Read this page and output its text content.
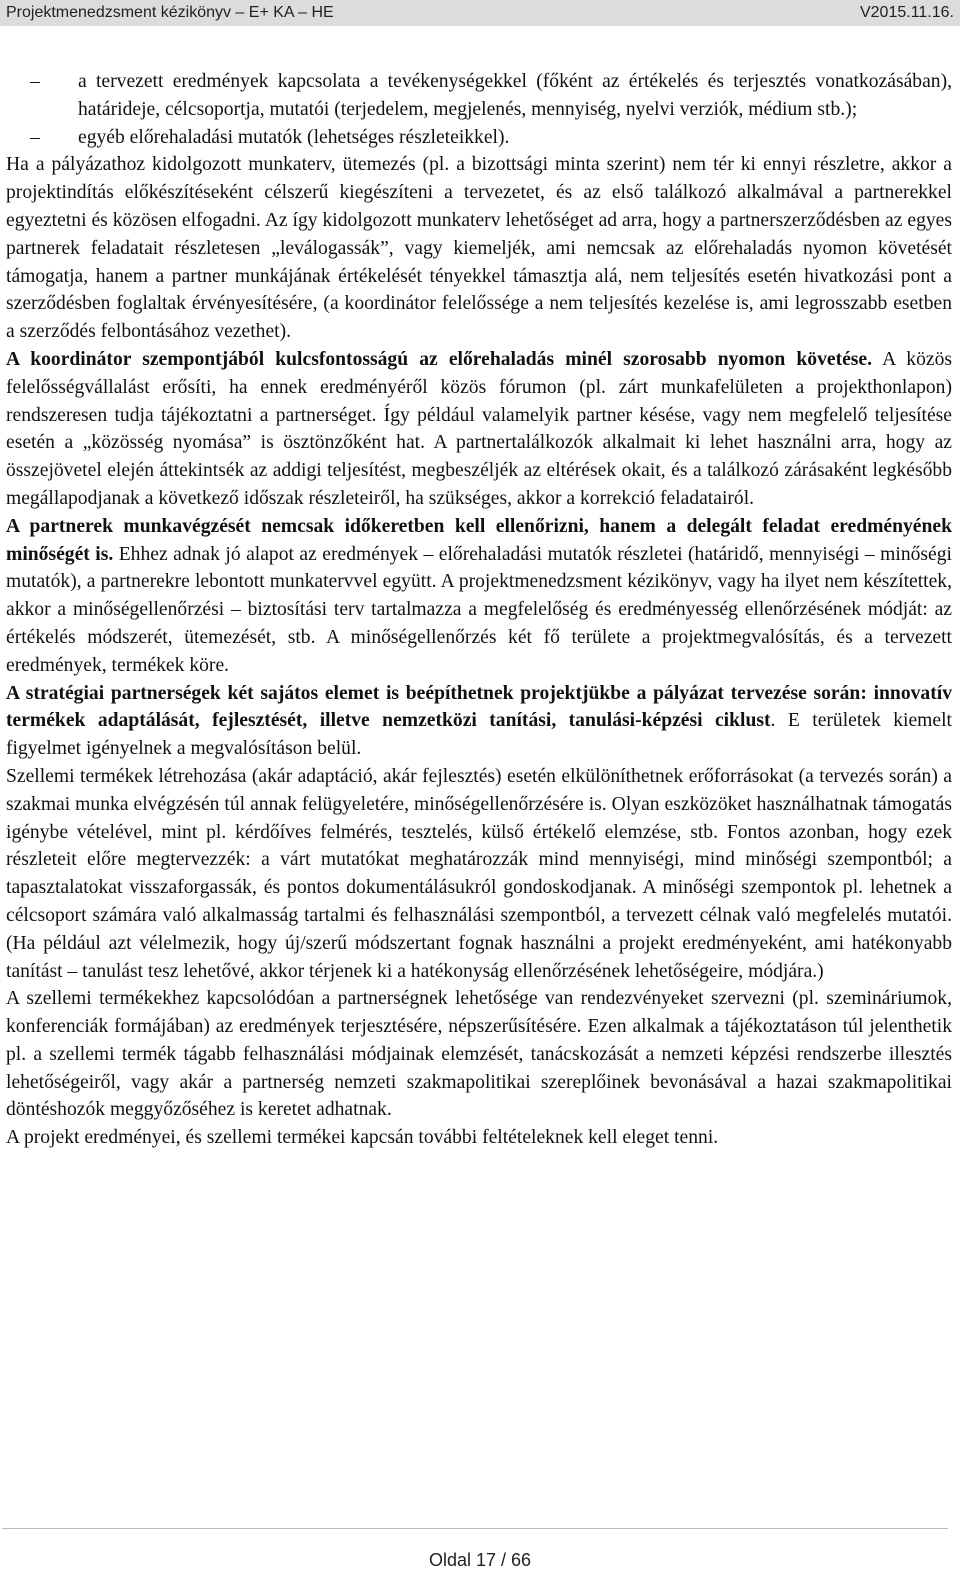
Projektmenedzsment kézikönyv – E+ KA – HE	V2015.11.16.

– a tervezett eredmények kapcsolata a tevékenységekkel (főként az értékelés és terjesztés vonatkozásában), határideje, célcsoportja, mutatói (terjedelem, megjelenés, mennyiség, nyelvi verziók, médium stb.);

– egyéb előrehaladási mutatók (lehetséges részleteikkel).

Ha a pályázathoz kidolgozott munkaterv, ütemezés (pl. a bizottsági minta szerint) nem tér ki ennyi részletre, akkor a projektindítás előkészítéseként célszerű kiegészíteni a tervezetet, és az első találkozó alkalmával a partnerekkel egyeztetni és közösen elfogadni. Az így kidolgozott munkaterv lehetőséget ad arra, hogy a partnerszerződésben az egyes partnerek feladatait részletesen „leválogassák”, vagy kiemeljék, ami nemcsak az előrehaladás nyomon követését támogatja, hanem a partner munkájának értékelését tényekkel támasztja alá, nem teljesítés esetén hivatkozási pont a szerződésben foglaltak érvényesítésére, (a koordinátor felelőssége a nem teljesítés kezelése is, ami legrosszabb esetben a szerződés felbontásához vezethet).

A koordinátor szempontjából kulcsfontosságú az előrehaladás minél szorosabb nyomon követése. A közös felelősségvállalást erősíti, ha ennek eredményéről közös fórumon (pl. zárt munkafelületen a projekthonlapon) rendszeresen tudja tájékoztatni a partnerséget. Így például valamelyik partner késése, vagy nem megfelelő teljesítése esetén a „közösség nyomása” is ösztönzőként hat. A partnertalálkozók alkalmait ki lehet használni arra, hogy az összejövetel elején áttekintsék az addigi teljesítést, megbeszéljék az eltérések okait, és a találkozó zárásaként legkésőbb megállapodjanak a következő időszak részleteiről, ha szükséges, akkor a korrekció feladatairól.

A partnerek munkavégzését nemcsak időkeretben kell ellenőrizni, hanem a delegált feladat eredményének minőségét is. Ehhez adnak jó alapot az eredmények – előrehaladási mutatók részletei (határidő, mennyiségi – minőségi mutatók), a partnerekre lebontott munkatervvel együtt. A projektmenedzsment kézikönyv, vagy ha ilyet nem készítettek, akkor a minőségellenőrzési – biztosítási terv tartalmazza a megfelelőség és eredményesség ellenőrzésének módját: az értékelés módszerét, ütemezését, stb. A minőségellenőrzés két fő területe a projektmegvalósítás, és a tervezett eredmények, termékek köre.

A stratégiai partnerségek két sajátos elemet is beépíthetnek projektjükbe a pályázat tervezése során: innovatív termékek adaptálását, fejlesztését, illetve nemzetközi tanítási, tanulási-képzési ciklust. E területek kiemelt figyelmet igényelnek a megvalósításon belül.

Szellemi termékek létrehozása (akár adaptáció, akár fejlesztés) esetén elkülöníthetnek erőforrásokat (a tervezés során) a szakmai munka elvégzésén túl annak felügyeletére, minőségellenőrzésére is. Olyan eszközöket használhatnak támogatás igénybe vételével, mint pl. kérdőíves felmérés, tesztelés, külső értékelő elemzése, stb. Fontos azonban, hogy ezek részleteit előre megtervezzék: a várt mutatókat meghatározzák mind mennyiségi, mind minőségi szempontból; a tapasztalatokat visszaforgassák, és pontos dokumentálásukról gondoskodjanak. A minőségi szempontok pl. lehetnek a célcsoport számára való alkalmasság tartalmi és felhasználási szempontból, a tervezett célnak való megfelelés mutatói. (Ha például azt vélelmezik, hogy új/szerű módszertant fognak használni a projekt eredményeként, ami hatékonyabb tanítást – tanulást tesz lehetővé, akkor térjenek ki a hatékonyság ellenőrzésének lehetőségeire, módjára.)

A szellemi termékekhez kapcsolódóan a partnerségnek lehetősége van rendezvényeket szervezni (pl. szemináriumok, konferenciák formájában) az eredmények terjesztésére, népszerűsítésére. Ezen alkalmak a tájékoztatáson túl jelenthetik pl. a szellemi termék tágabb felhasználási módjainak elemzését, tanácskozását a nemzeti képzési rendszerbe illesztés lehetőségeiről, vagy akár a partnerség nemzeti szakmapolitikai szereplőinek bevonásával a hazai szakmapolitikai döntéshozók meggyőzőséhez is keretet adhatnak.

A projekt eredményei, és szellemi termékei kapcsán további feltételeknek kell eleget tenni.

Oldal 17 / 66
